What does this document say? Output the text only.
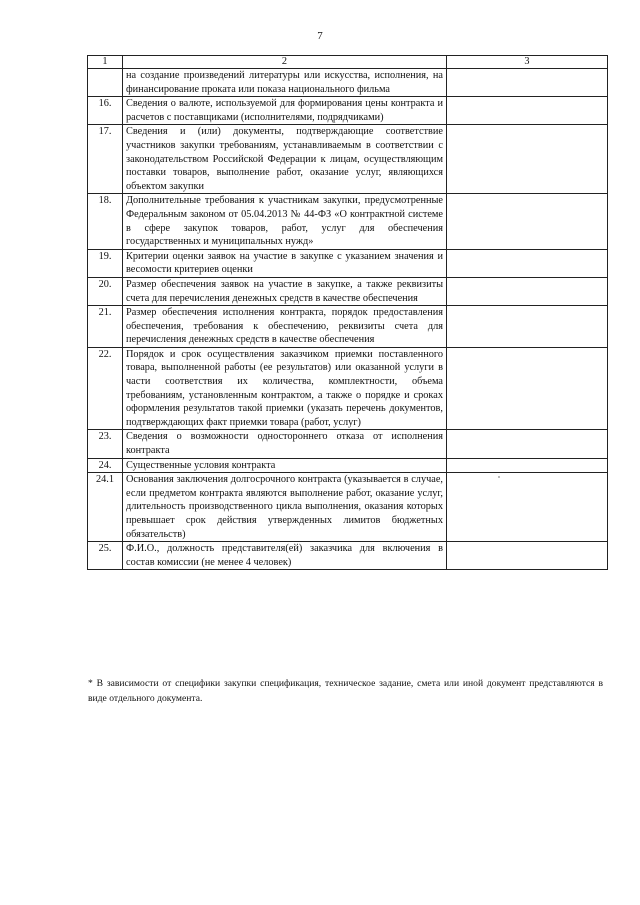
7
1	2	3
	на создание произведений литературы или искусства, исполнения, на финансирование проката или показа национального фильма	
16.	Сведения о валюте, используемой для формирования цены контракта и расчетов с поставщиками (исполнителями, подрядчиками)	
17.	Сведения и (или) документы, подтверждающие соответствие участников закупки требованиям, устанавливаемым в соответствии с законодательством Российской Федерации к лицам, осуществляющим поставки товаров, выполнение работ, оказание услуг, являющихся объектом закупки	
18.	Дополнительные требования к участникам закупки, предусмотренные Федеральным законом от 05.04.2013 № 44-ФЗ «О контрактной системе в сфере закупок товаров, работ, услуг для обеспечения государственных и муниципальных нужд»	
19.	Критерии оценки заявок на участие в закупке с указанием значения и весомости критериев оценки	
20.	Размер обеспечения заявок на участие в закупке, а также реквизиты счета для перечисления денежных средств в качестве обеспечения	
21.	Размер обеспечения исполнения контракта, порядок предоставления обеспечения, требования к обеспечению, реквизиты счета для перечисления денежных средств в качестве обеспечения	
22.	Порядок и срок осуществления заказчиком приемки поставленного товара, выполненной работы (ее результатов) или оказанной услуги в части соответствия их количества, комплектности, объема требованиям, установленным контрактом, а также о порядке и сроках оформления результатов такой приемки (указать перечень документов, подтверждающих факт приемки товара (работ, услуг)	
23.	Сведения о возможности одностороннего отказа от исполнения контракта	
24.	Существенные условия контракта	
24.1	Основания заключения долгосрочного контракта (указывается в случае, если предметом контракта являются выполнение работ, оказание услуг, длительность производственного цикла выполнения, оказания которых превышает срок действия утвержденных лимитов бюджетных обязательств)	
25.	Ф.И.О., должность представителя(ей) заказчика для включения в состав комиссии (не менее 4 человек)	
* В зависимости от специфики закупки спецификация, техническое задание, смета или иной документ представляются в виде отдельного документа.
